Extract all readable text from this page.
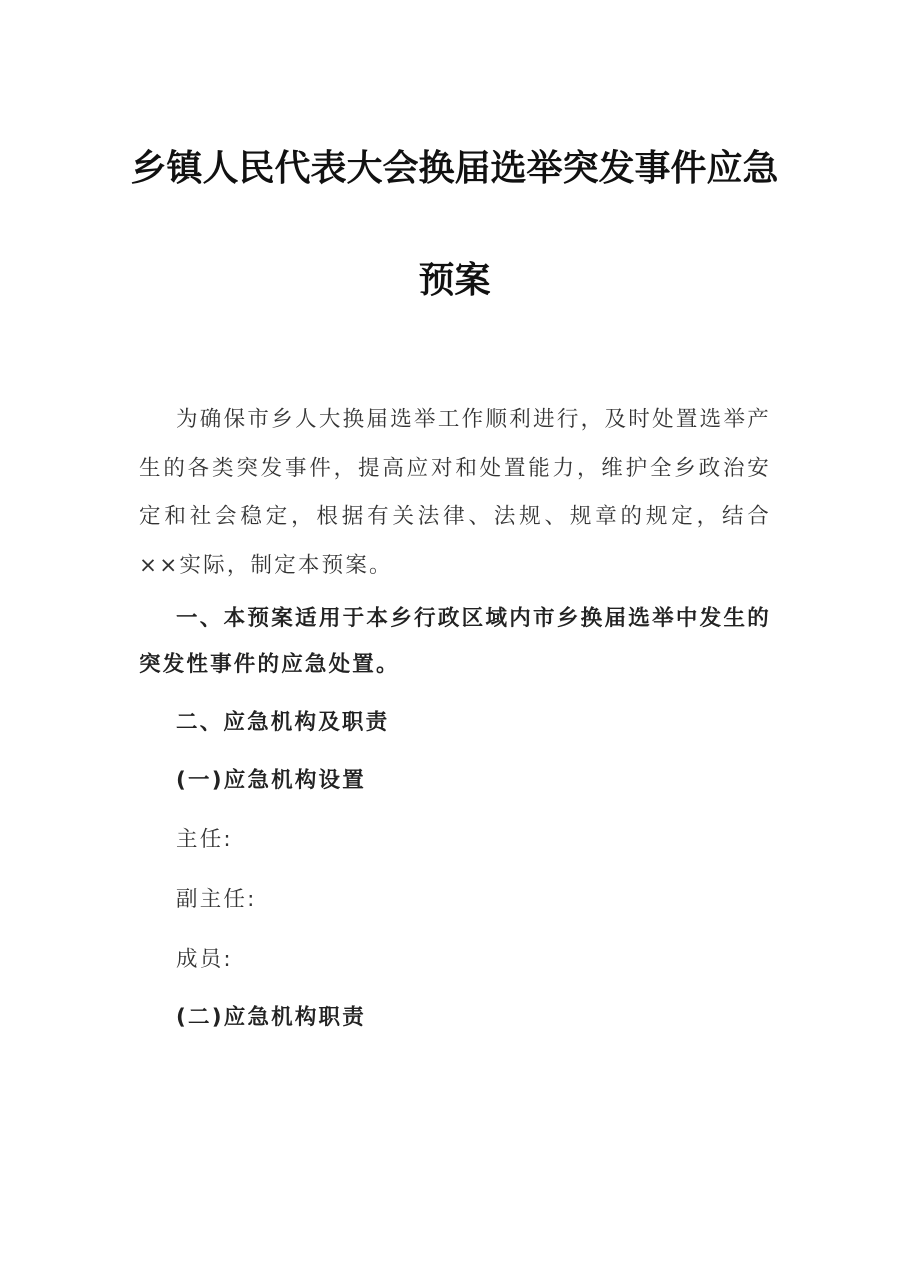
乡镇人民代表大会换届选举突发事件应急
预案
为确保市乡人大换届选举工作顺利进行，及时处置选举产生的各类突发事件，提高应对和处置能力，维护全乡政治安定和社会稳定，根据有关法律、法规、规章的规定，结合××实际，制定本预案。
一、本预案适用于本乡行政区域内市乡换届选举中发生的突发性事件的应急处置。
二、应急机构及职责
(一)应急机构设置
主任:
副主任:
成员:
(二)应急机构职责
